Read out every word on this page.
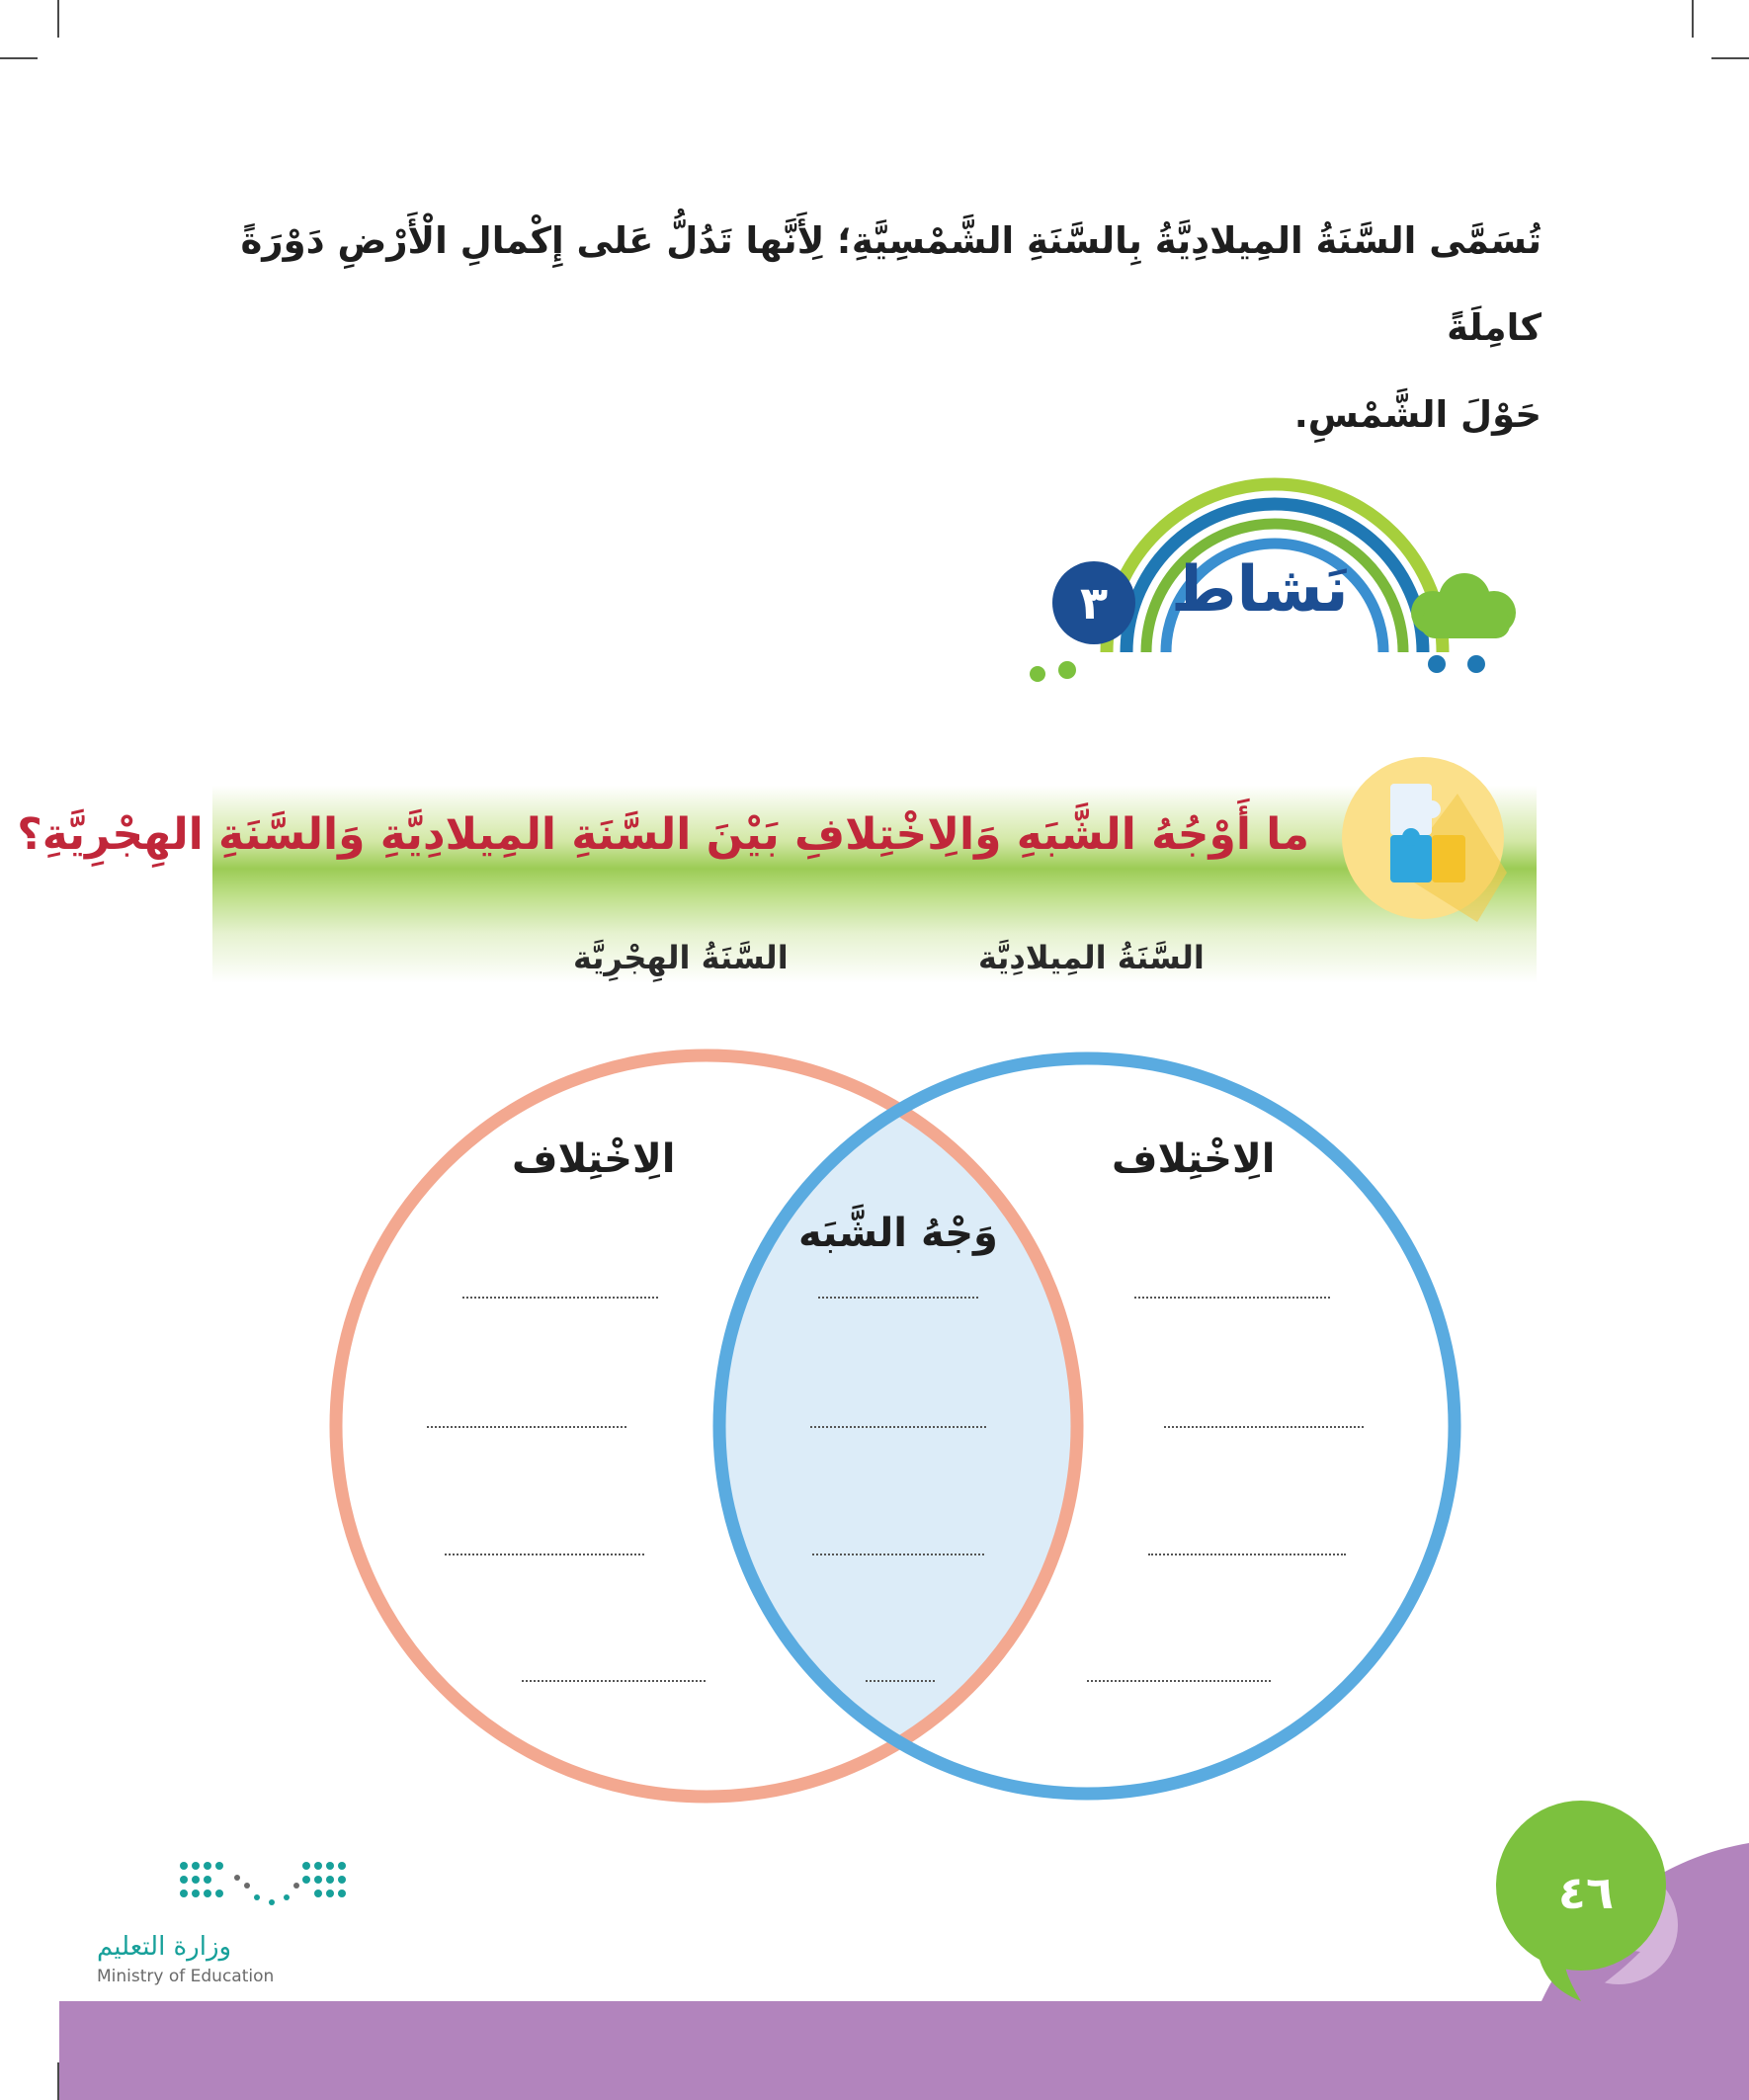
تُسَمَّى السَّنَةُ المِيلادِيَّةُ بِالسَّنَةِ الشَّمْسِيَّةِ؛ لِأَنَّها تَدُلُّ عَلى إِكْمالِ الْأَرْضِ دَوْرَةً كامِلَةً
حَوْلَ الشَّمْسِ.
٣ نَشاط
ما أَوْجُهُ الشَّبَهِ وَالِاخْتِلافِ بَيْنَ السَّنَةِ المِيلادِيَّةِ وَالسَّنَةِ الهِجْرِيَّةِ؟
السَّنَةُ المِيلادِيَّة
السَّنَةُ الهِجْرِيَّة
الِاخْتِلاف	الِاخْتِلاف
وَجْهُ الشَّبَه
٤٦
وزارة التعليم
Ministry of Education
